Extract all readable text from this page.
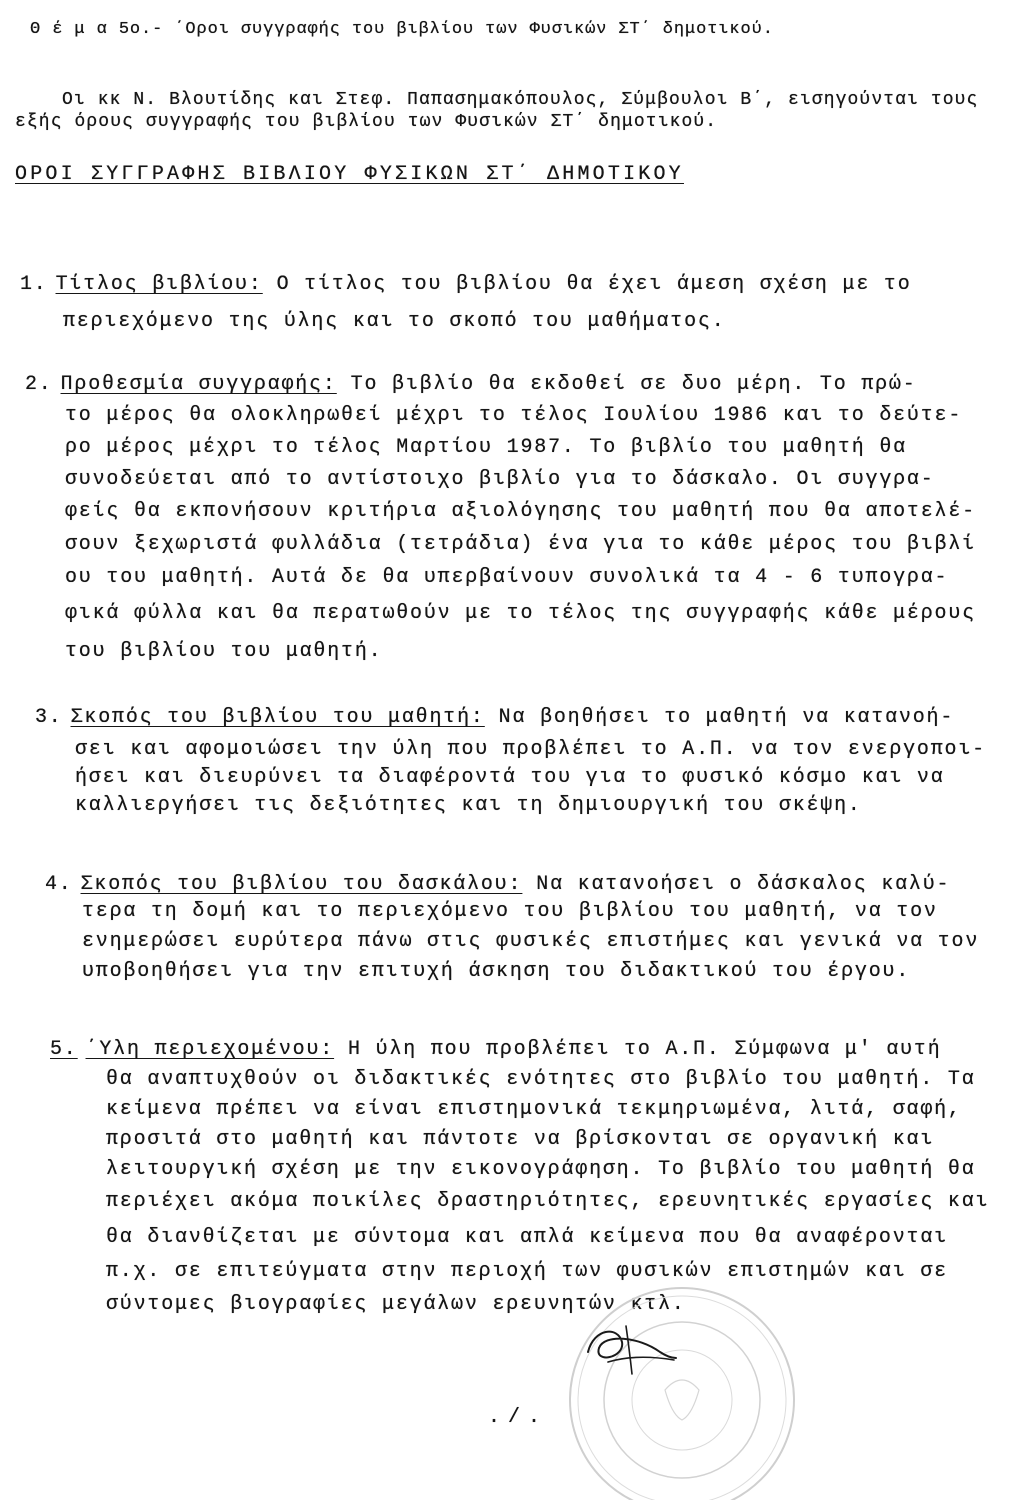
Θ έ μ α 5ο.- ΄Οροι συγγραφής του βιβλίου των Φυσικών ΣΤ΄ δημοτικού.
Οι κκ Ν. Βλουτίδης και Στεφ. Παπασημακόπουλος, Σύμβουλοι Β΄, εισηγούνται τους
εξής όρους συγγραφής του βιβλίου των Φυσικών ΣΤ΄ δημοτικού.
ΟΡΟΙ ΣΥΓΓΡΑΦΗΣ ΒΙΒΛΙΟΥ ΦΥΣΙΚΩΝ ΣΤ΄ ΔΗΜΟΤΙΚΟΥ
1. Τίτλος βιβλίου: Ο τίτλος του βιβλίου θα έχει άμεση σχέση με το
περιεχόμενο της ύλης και το σκοπό του μαθήματος.
2. Προθεσμία συγγραφής: Το βιβλίο θα εκδοθεί σε δυο μέρη. Το πρώ-
το μέρος θα ολοκληρωθεί μέχρι το τέλος Ιουλίου 1986 και το δεύτε-
ρο μέρος μέχρι το τέλος Μαρτίου 1987. Το βιβλίο του μαθητή θα
συνοδεύεται από το αντίστοιχο βιβλίο για το δάσκαλο. Οι συγγρα-
φείς θα εκπονήσουν κριτήρια αξιολόγησης του μαθητή που θα αποτελέ-
σουν ξεχωριστά φυλλάδια (τετράδια) ένα για το κάθε μέρος του βιβλί
ου του μαθητή. Αυτά δε θα υπερβαίνουν συνολικά τα 4 - 6 τυπογρα-
φικά φύλλα και θα περατωθούν με το τέλος της συγγραφής κάθε μέρους
του βιβλίου του μαθητή.
3. Σκοπός του βιβλίου του μαθητή: Να βοηθήσει το μαθητή να κατανοή-
σει και αφομοιώσει την ύλη που προβλέπει το Α.Π. να τον ενεργοποι-
ήσει και διευρύνει τα διαφέροντά του για το φυσικό κόσμο και να
καλλιεργήσει τις δεξιότητες και τη δημιουργική του σκέψη.
4. Σκοπός του βιβλίου του δασκάλου: Να κατανοήσει ο δάσκαλος καλύ-
τερα τη δομή και το περιεχόμενο του βιβλίου του μαθητή, να τον
ενημερώσει ευρύτερα πάνω στις φυσικές επιστήμες και γενικά να τον
υποβοηθήσει για την επιτυχή άσκηση του διδακτικού του έργου.
5. ΄Υλη περιεχομένου: Η ύλη που προβλέπει το Α.Π. Σύμφωνα μ' αυτή
θα αναπτυχθούν οι διδακτικές ενότητες στο βιβλίο του μαθητή. Τα
κείμενα πρέπει να είναι επιστημονικά τεκμηριωμένα, λιτά, σαφή,
προσιτά στο μαθητή και πάντοτε να βρίσκονται σε οργανική και
λειτουργική σχέση με την εικονογράφηση. Το βιβλίο του μαθητή θα
περιέχει ακόμα ποικίλες δραστηριότητες, ερευνητικές εργασίες και
θα διανθίζεται με σύντομα και απλά κείμενα που θα αναφέρονται
π.χ. σε επιτεύγματα στην περιοχή των φυσικών επιστημών και σε
σύντομες βιογραφίες μεγάλων ερευνητών κτλ.
./.
